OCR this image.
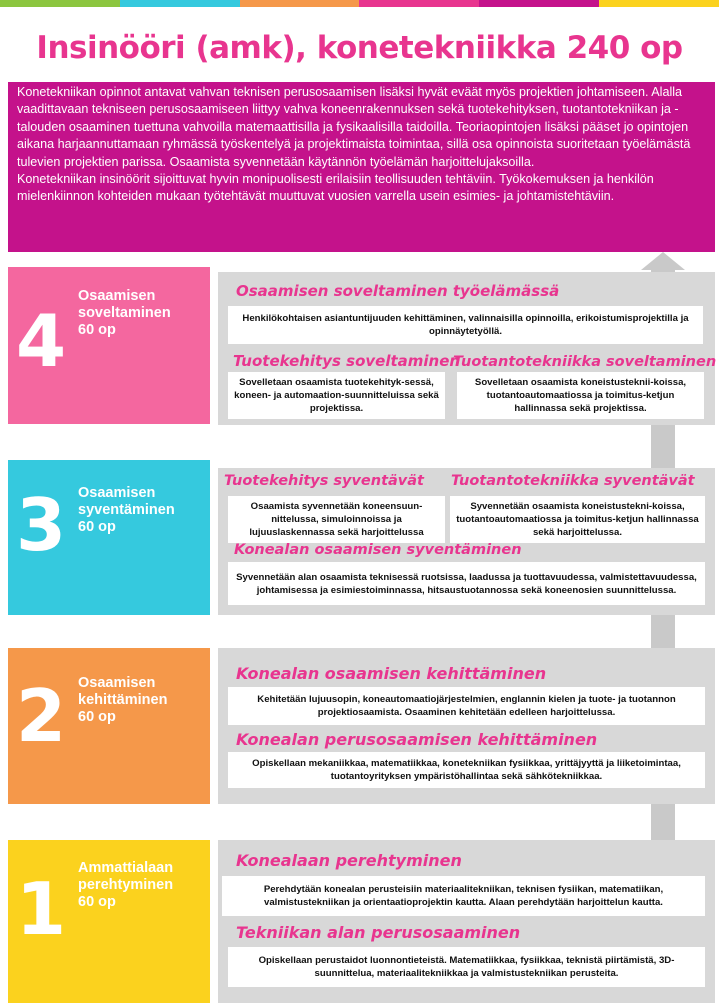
Insinööri (amk), konetekniikka 240 op

Konetekniikan opinnot antavat vahvan teknisen perusosaamisen lisäksi hyvät eväät myös projektien johtamiseen. Alalla vaadittavaan tekniseen perusosaamiseen liittyy vahva koneenrakennuksen sekä tuotekehityksen, tuotantotekniikan ja -talouden osaaminen tuettuna vahvoilla matemaattisilla ja fysikaalisilla taidoilla. Teoriaopintojen lisäksi pääset jo opintojen aikana harjaannuttamaan ryhmässä työskentelyä ja projektimaista toimintaa, sillä osa opinnoista suoritetaan työelämästä tulevien projektien parissa. Osaamista syvennetään käytännön työelämän harjoittelujaksoilla.

Konetekniikan insinöörit sijoittuvat hyvin monipuolisesti erilaisiin teollisuuden tehtäviin. Työkokemuksen ja henkilön mielenkiinnon kohteiden mukaan työtehtävät muuttuvat vuosien varrella usein esimies- ja johtamistehtäviin.

4
Osaamisen
soveltaminen
60 op
Osaamisen soveltaminen työelämässä
Henkilökohtaisen asiantuntijuuden kehittäminen, valinnaisilla opinnoilla, erikoistumisprojektilla ja opinnäytetyöllä.
Tuotekehitys soveltaminen
Sovelletaan osaamista tuotekehityk-sessä, koneen- ja automaation-suunnitteluissa sekä projektissa.
Tuotantotekniikka soveltaminen
Sovelletaan osaamista koneistusteknii-koissa, tuotantoautomaatiossa ja toimitus-ketjun hallinnassa sekä projektissa.
3 Osaamisen
syventäminen
60 op
Tuotekehitys syventävät
Osaamista syvennetään koneensuun-nittelussa, simuloinnoissa ja lujuuslaskennassa sekä harjoittelussa
Tuotantotekniikka syventävät
Syvennetään osaamista koneistustekni-koissa, tuotantoautomaatiossa ja toimitus-ketjun hallinnassa sekä harjoittelussa.
Konealan osaamisen syventäminen
Syvennetään alan osaamista teknisessä ruotsissa, laadussa ja tuottavuudessa, valmistettavuudessa, johtamisessa ja esimiestoiminnassa, hitsaustuotannossa sekä koneenosien suunnittelussa.
2 Osaamisen
kehittäminen
60 op
Konealan osaamisen kehittäminen
Kehitetään lujuusopin, koneautomaatiojärjestelmien, englannin kielen ja tuote- ja tuotannon projektiosaamista. Osaaminen kehitetään edelleen harjoittelussa.
Konealan perusosaamisen kehittäminen
Opiskellaan mekaniikkaa, matematiikkaa, konetekniikan fysiikkaa, yrittäjyyttä ja liiketoimintaa, tuotantoyrityksen ympäristöhallintaa sekä sähkötekniikkaa.
1 Ammattialaan
perehtyminen
60 op
Konealaan perehtyminen
Perehdytään konealan perusteisiin materiaalitekniikan, teknisen fysiikan, matematiikan, valmistustekniikan ja orientaatioprojektin kautta. Alaan perehdytään harjoittelun kautta.
Tekniikan alan perusosaaminen
Opiskellaan perustaidot luonnontieteistä. Matematiikkaa, fysiikkaa, teknistä piirtämistä, 3D-suunnittelua, materiaalitekniikkaa ja valmistustekniikan perusteita.
